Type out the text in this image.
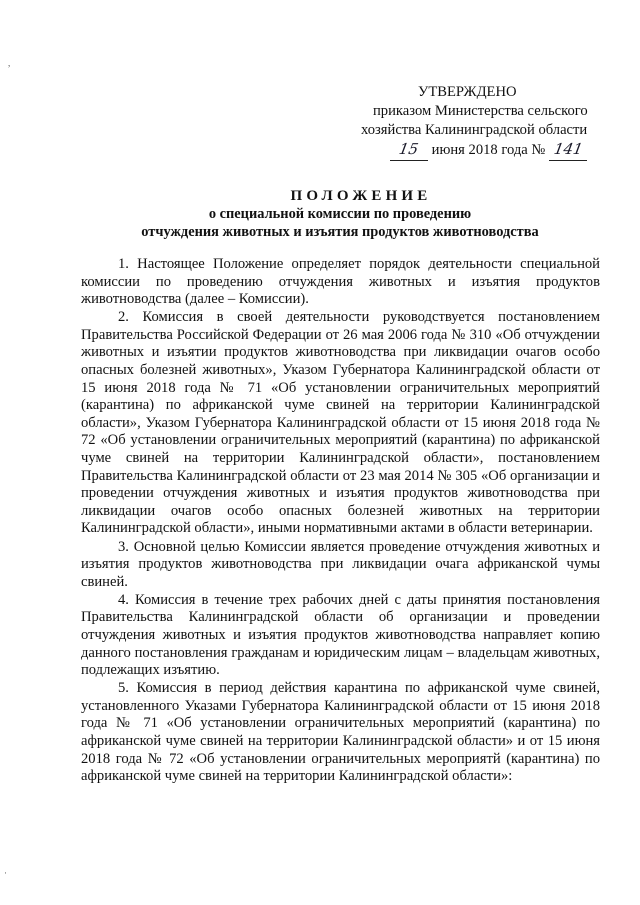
УТВЕРЖДЕНО
приказом Министерства сельского
хозяйства Калининградской области
15 июня 2018 года № 141
ПОЛОЖЕНИЕ
о специальной комиссии по проведению
отчуждения животных и изъятия продуктов животноводства

1. Настоящее Положение определяет порядок деятельности специальной комиссии по проведению отчуждения животных и изъятия продуктов животноводства (далее – Комиссии).

2. Комиссия в своей деятельности руководствуется постановлением Правительства Российской Федерации от 26 мая 2006 года № 310 «Об отчуждении животных и изъятии продуктов животноводства при ликвидации очагов особо опасных болезней животных», Указом Губернатора Калининградской области от 15 июня 2018 года № 71 «Об установлении ограничительных мероприятий (карантина) по африканской чуме свиней на территории Калининградской области», Указом Губернатора Калининградской области от 15 июня 2018 года № 72 «Об установлении ограничительных мероприятий (карантина) по африканской чуме свиней на территории Калининградской области», постановлением Правительства Калининградской области от 23 мая 2014 № 305 «Об организации и проведении отчуждения животных и изъятия продуктов животноводства при ликвидации очагов особо опасных болезней животных на территории Калининградской области», иными нормативными актами в области ветеринарии.

3. Основной целью Комиссии является проведение отчуждения животных и изъятия продуктов животноводства при ликвидации очага африканской чумы свиней.

4. Комиссия в течение трех рабочих дней с даты принятия постановления Правительства Калининградской области об организации и проведении отчуждения животных и изъятия продуктов животноводства направляет копию данного постановления гражданам и юридическим лицам – владельцам животных, подлежащих изъятию.

5. Комиссия в период действия карантина по африканской чуме свиней, установленного Указами Губернатора Калининградской области от 15 июня 2018 года № 71 «Об установлении ограничительных мероприятий (карантина) по африканской чуме свиней на территории Калининградской области» и от 15 июня 2018 года № 72 «Об установлении ограничительных мероприятй (карантина) по африканской чуме свиней на территории Калининградской области»:

,
·
